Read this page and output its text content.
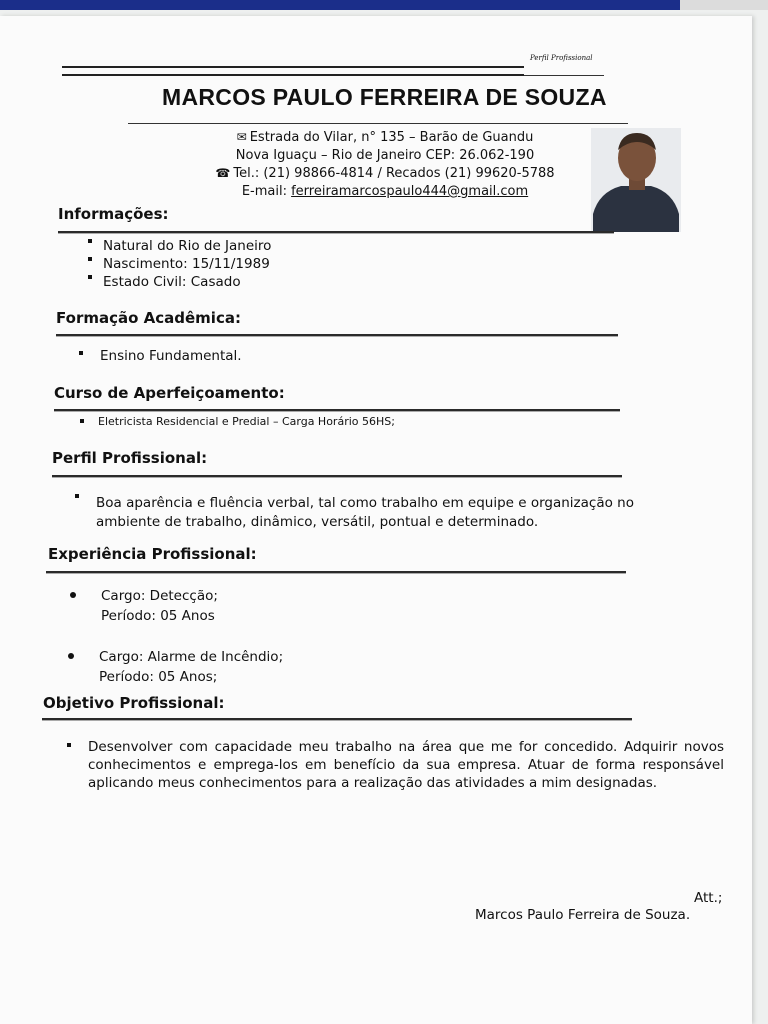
Perfil Profissional
MARCOS PAULO FERREIRA DE SOUZA
✉ Estrada do Vilar, n° 135 – Barão de Guandu
Nova Iguaçu – Rio de Janeiro CEP: 26.062-190
☎ Tel.: (21) 98866-4814 / Recados (21) 99620-5788
E-mail: ferreiramarcospaulo444@gmail.com
Informações:
Natural do Rio de Janeiro
Nascimento: 15/11/1989
Estado Civil: Casado
Formação Acadêmica:
Ensino Fundamental.
Curso de Aperfeiçoamento:
Eletricista Residencial e Predial – Carga Horário 56HS;
Perfil Profissional:
Boa aparência e fluência verbal, tal como trabalho em equipe e organização no
ambiente de trabalho, dinâmico, versátil, pontual e determinado.
Experiência Profissional:
Cargo: Detecção;
Período: 05 Anos
Cargo: Alarme de Incêndio;
Período: 05 Anos;
Objetivo Profissional:
Desenvolver com capacidade meu trabalho na área que me for concedido. Adquirir novos conhecimentos e emprega-los em benefício da sua empresa. Atuar de forma responsável aplicando meus conhecimentos para a realização das atividades a mim designadas.
Att.;
Marcos Paulo Ferreira de Souza.
